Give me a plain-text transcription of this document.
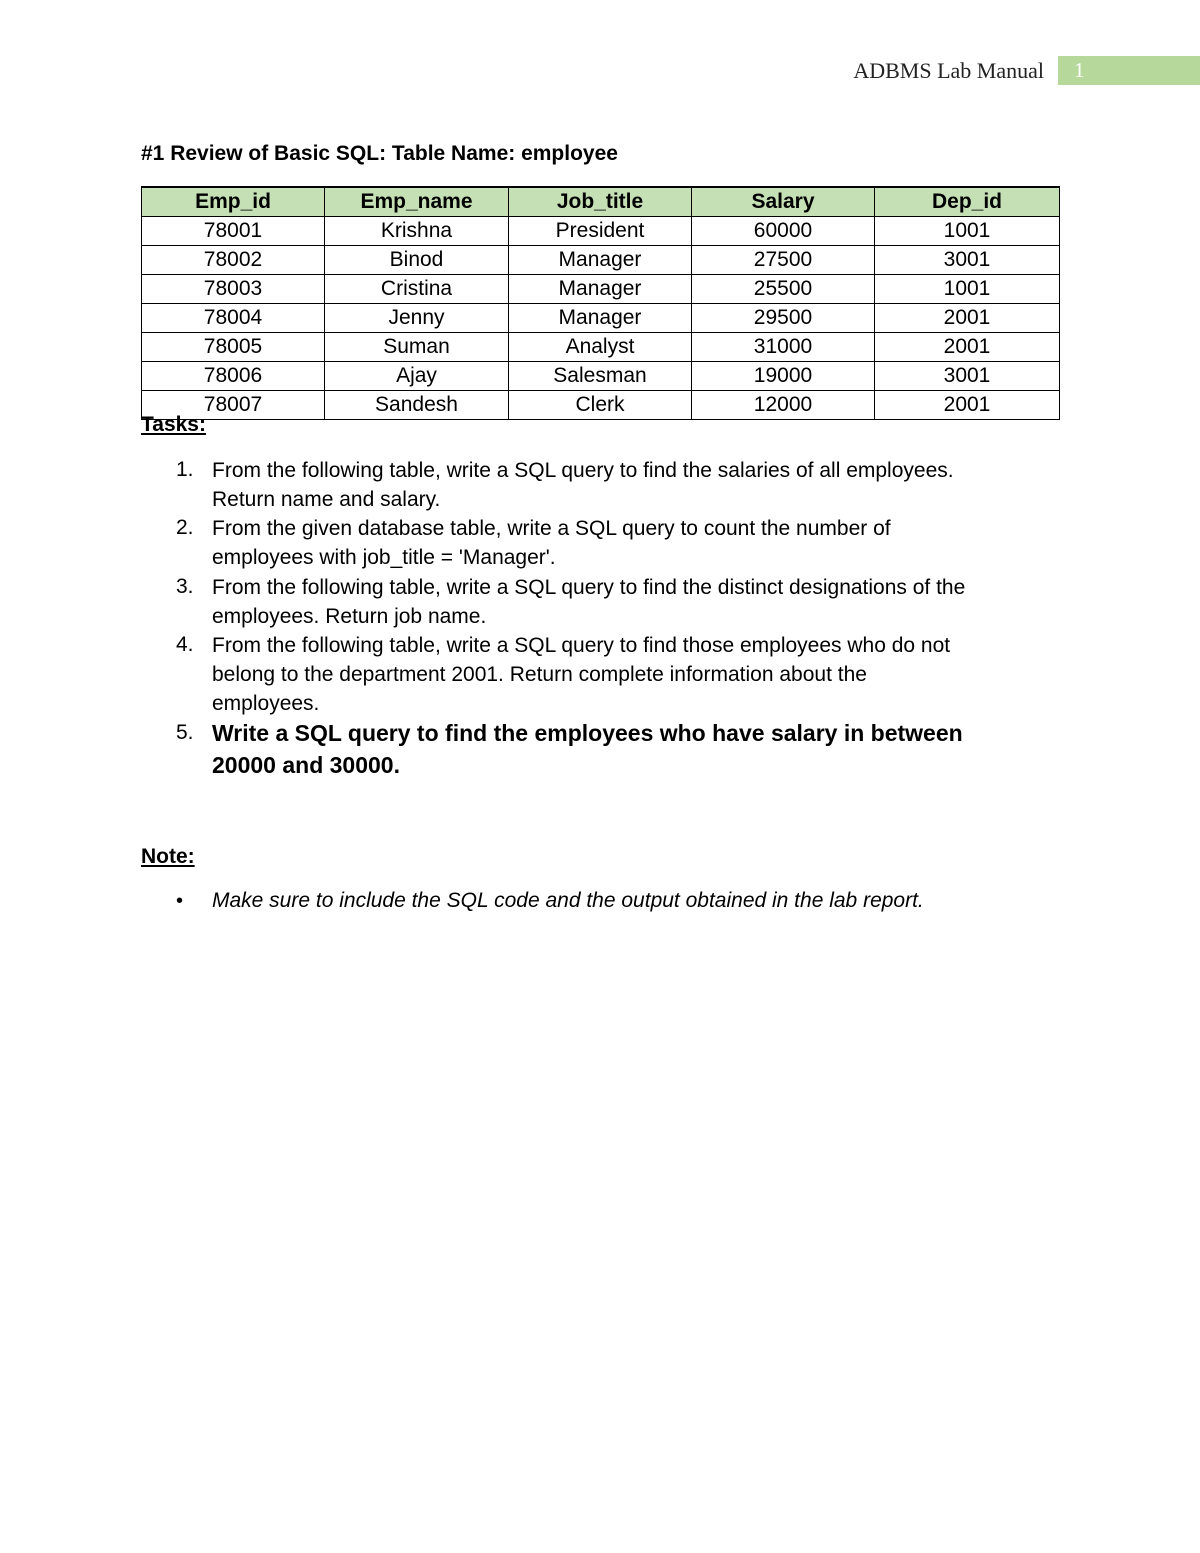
ADBMS Lab Manual	1
#1 Review of Basic SQL: Table Name: employee
Emp_id	Emp_name	Job_title	Salary	Dep_id
78001	Krishna	President	60000	1001
78002	Binod	Manager	27500	3001
78003	Cristina	Manager	25500	1001
78004	Jenny	Manager	29500	2001
78005	Suman	Analyst	31000	2001
78006	Ajay	Salesman	19000	3001
78007	Sandesh	Clerk	12000	2001
Tasks:
1. From the following table, write a SQL query to find the salaries of all employees.
Return name and salary.
2. From the given database table, write a SQL query to count the number of
employees with job_title = 'Manager'.
3. From the following table, write a SQL query to find the distinct designations of the
employees. Return job name.
4. From the following table, write a SQL query to find those employees who do not
belong to the department 2001. Return complete information about the
employees.
5. Write a SQL query to find the employees who have salary in between
20000 and 30000.
Note:
• Make sure to include the SQL code and the output obtained in the lab report.
